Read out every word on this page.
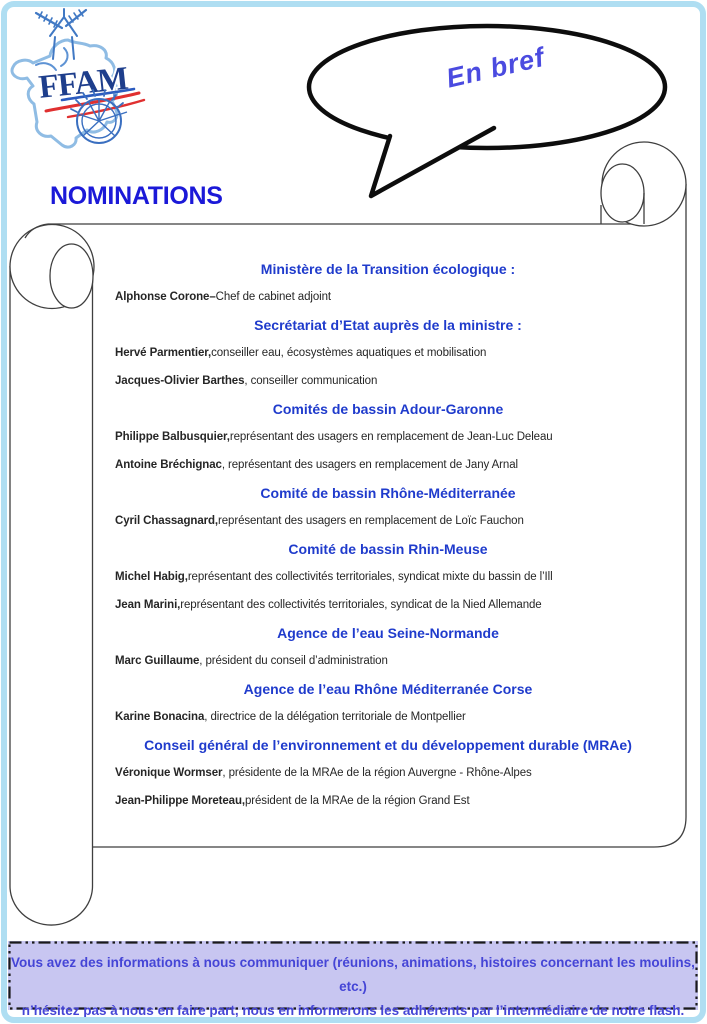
FFAM	En bref
NOMINATIONS
Ministère de la Transition écologique :
Alphonse Corone– Chef de cabinet adjoint
Secrétariat d’Etat auprès de la ministre :
Hervé Parmentier, conseiller eau, écosystèmes aquatiques et mobilisation
Jacques-Olivier Barthes , conseiller communication
Comités de bassin Adour-Garonne
Philippe Balbusquier, représentant des usagers en remplacement de Jean-Luc Deleau
Antoine Bréchignac , représentant des usagers en remplacement de Jany Arnal
Comité de bassin Rhône-Méditerranée
Cyril Chassagnard, représentant des usagers en remplacement de Loïc Fauchon
Comité de bassin Rhin-Meuse
Michel Habig, représentant des collectivités territoriales, syndicat mixte du bassin de l’Ill
Jean Marini, représentant des collectivités territoriales, syndicat de la Nied Allemande
Agence de l’eau Seine-Normande
Marc Guillaume , président du conseil d’administration
Agence de l’eau Rhône Méditerranée Corse
Karine Bonacina , directrice de la délégation territoriale de Montpellier
Conseil général de l’environnement et du développement durable (MRAe)
Véronique Wormser , présidente de la MRAe de la région Auvergne - Rhône-Alpes
Jean-Philippe Moreteau, président de la MRAe de la région Grand Est
Vous avez des informations à nous communiquer (réunions, animations, histoires concernant les moulins, etc.)
n’hésitez pas à nous en faire part, nous en informerons les adhérents par l’intermédiaire de notre flash.
